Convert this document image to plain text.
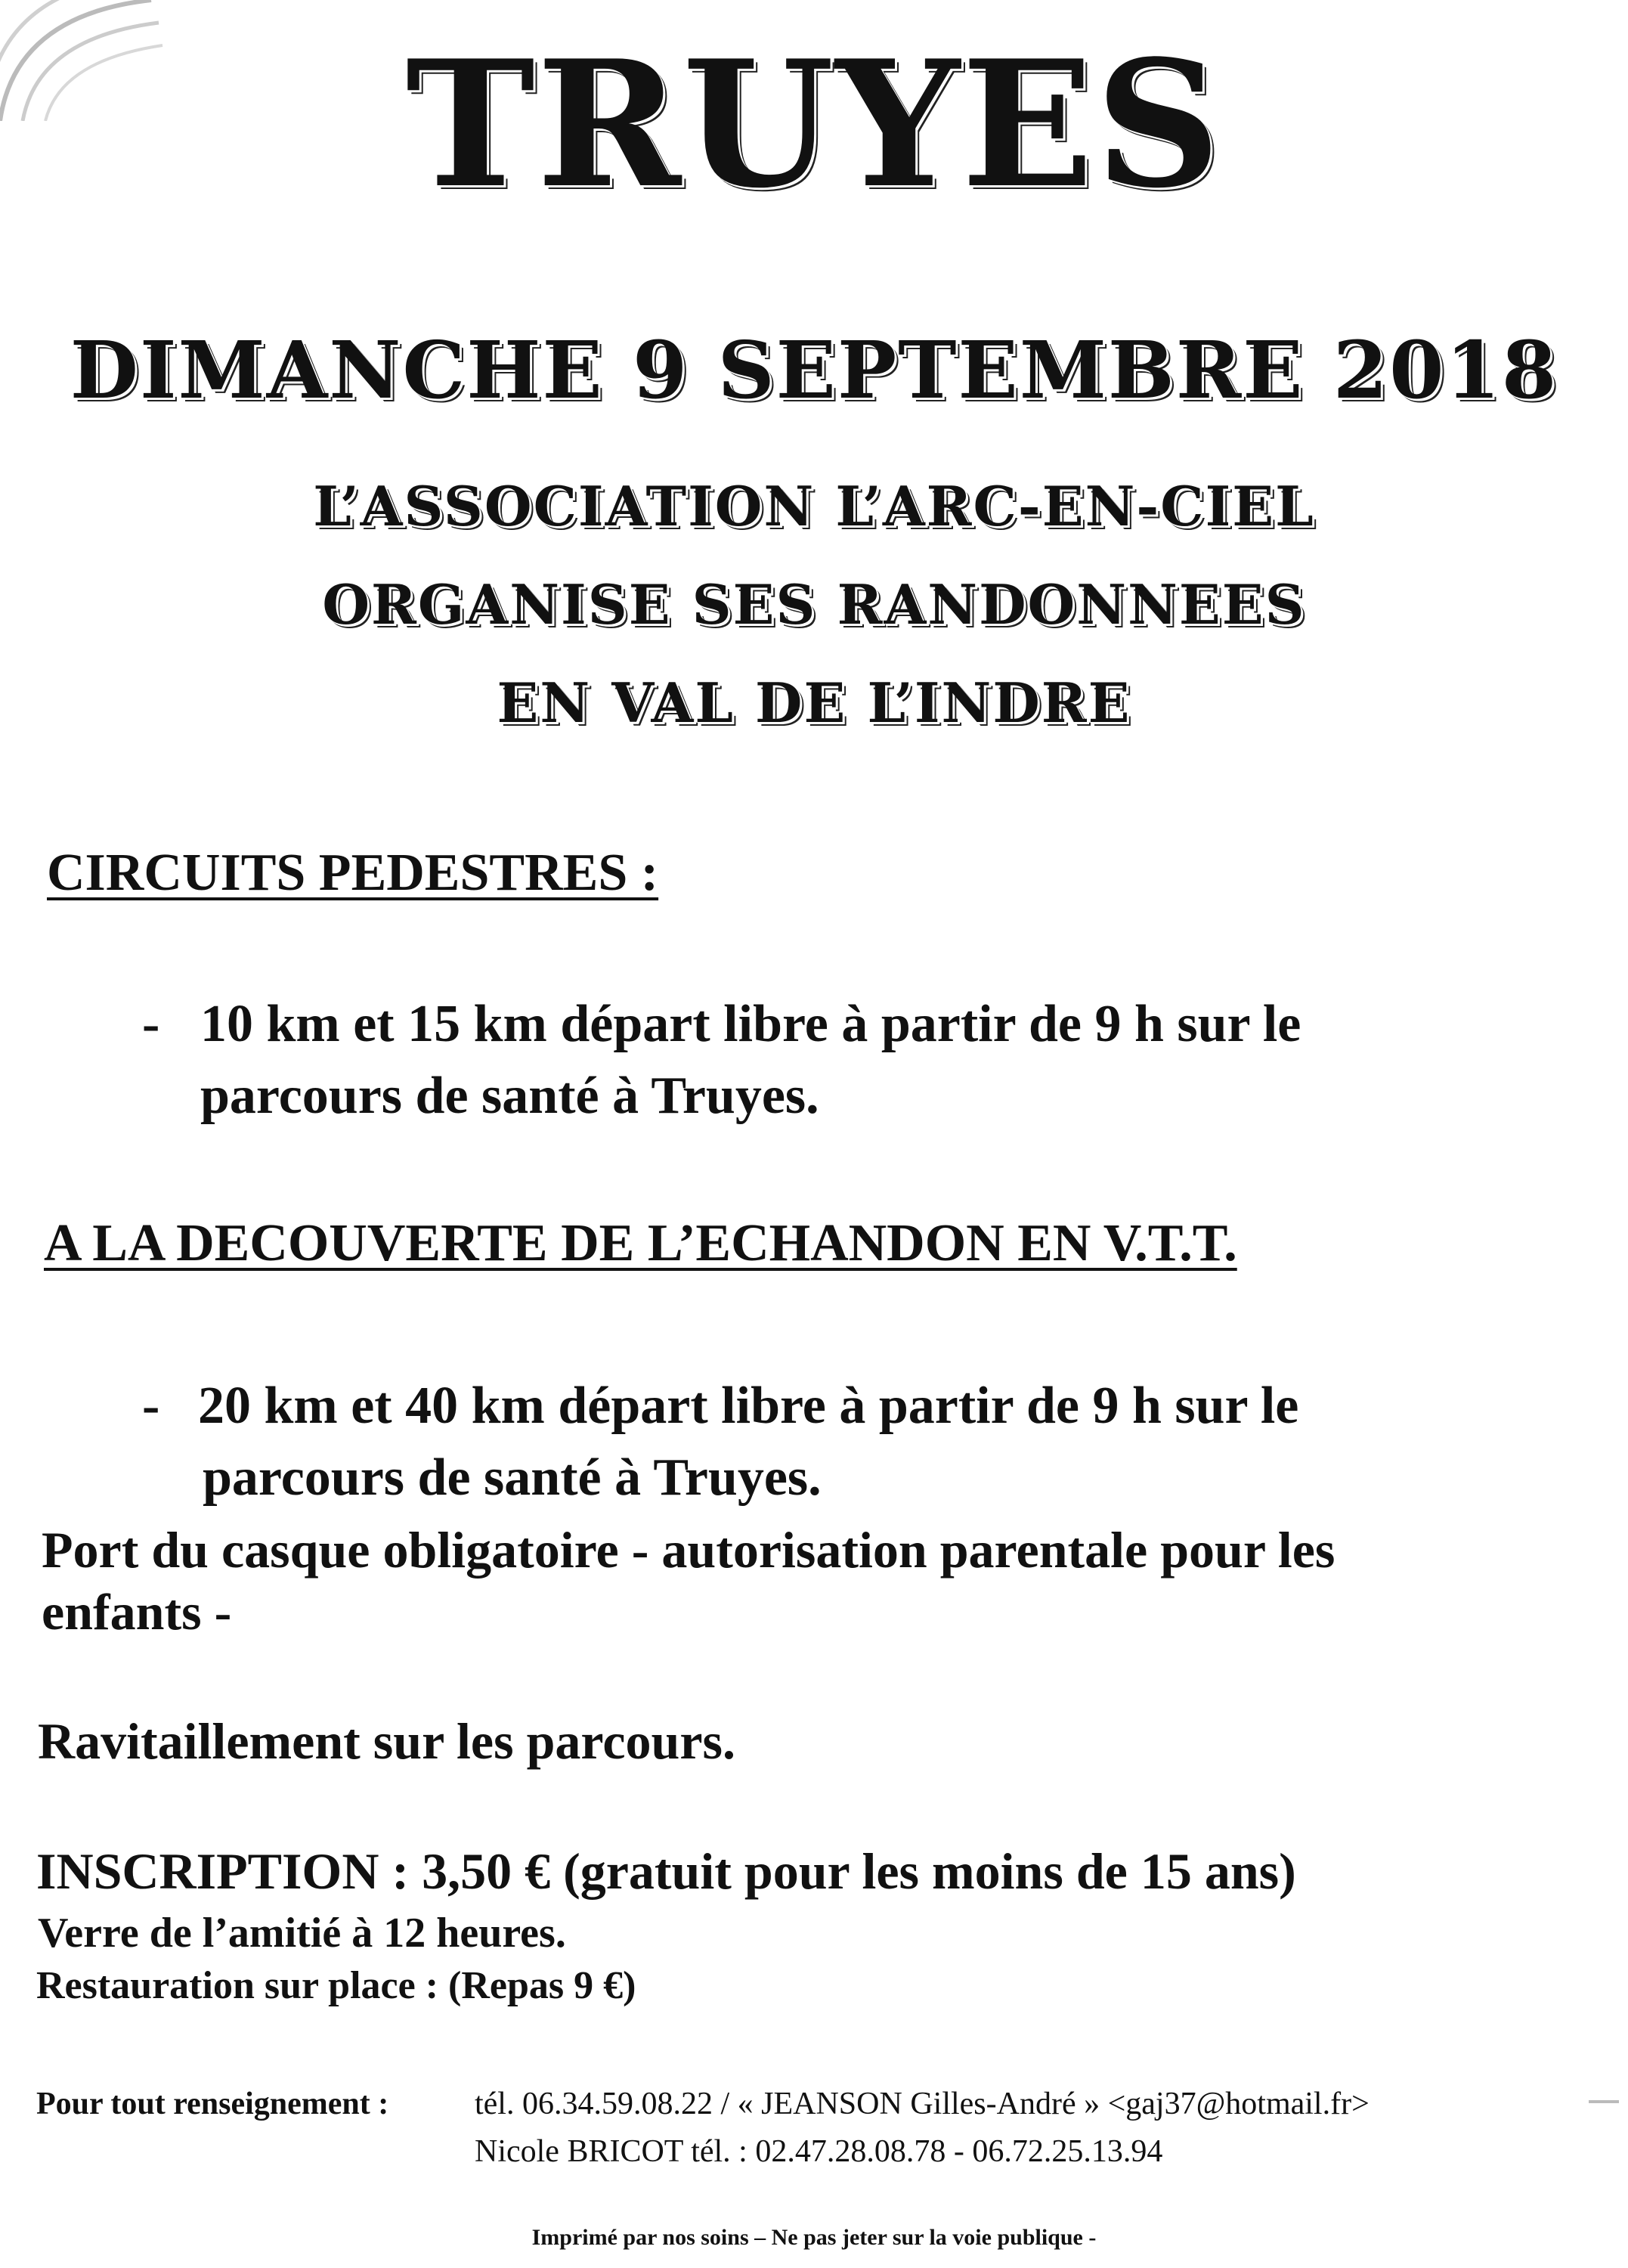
TRUYES
DIMANCHE 9 SEPTEMBRE 2018
L’ASSOCIATION L’ARC-EN-CIEL
ORGANISE SES RANDONNEES
EN VAL DE L’INDRE
CIRCUITS PEDESTRES :
- 10 km et 15 km départ libre à partir de 9 h sur le
parcours de santé à Truyes.
A LA DECOUVERTE DE L’ECHANDON EN V.T.T.
- 20 km et 40 km départ libre à partir de 9 h sur le
parcours de santé à Truyes.
Port du casque obligatoire - autorisation parentale pour les
enfants -
Ravitaillement sur les parcours.
INSCRIPTION : 3,50 € (gratuit pour les moins de 15 ans)
Verre de l’amitié à 12 heures.
Restauration sur place : (Repas 9 €)
Pour tout renseignement :	tél. 06.34.59.08.22 / « JEANSON Gilles-André » <gaj37@hotmail.fr>
Nicole BRICOT tél. : 02.47.28.08.78 - 06.72.25.13.94
Imprimé par nos soins – Ne pas jeter sur la voie publique -
